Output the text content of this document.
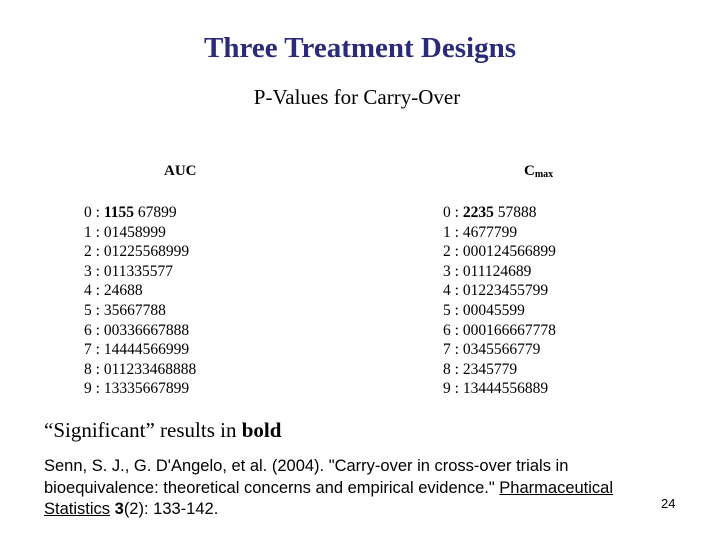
Three Treatment Designs
P-Values for Carry-Over
AUC
0 : 1155 67899
1 : 01458999
2 : 01225568999
3 : 011335577
4 : 24688
5 : 35667788
6 : 00336667888
7 : 14444566999
8 : 011233468888
9 : 13335667899
$C_{max}$
0 : 2235 57888
1 : 4677799
2 : 000124566899
3 : 011124689
4 : 01223455799
5 : 00045599
6 : 000166667778
7 : 0345566779
8 : 2345779
9 : 13444556889
“Significant” results in bold
Senn, S. J., G. D'Angelo, et al. (2004). "Carry-over in cross-over trials in bioequivalence: theoretical concerns and empirical evidence." Pharmaceutical Statistics 3(2): 133-142.	24
